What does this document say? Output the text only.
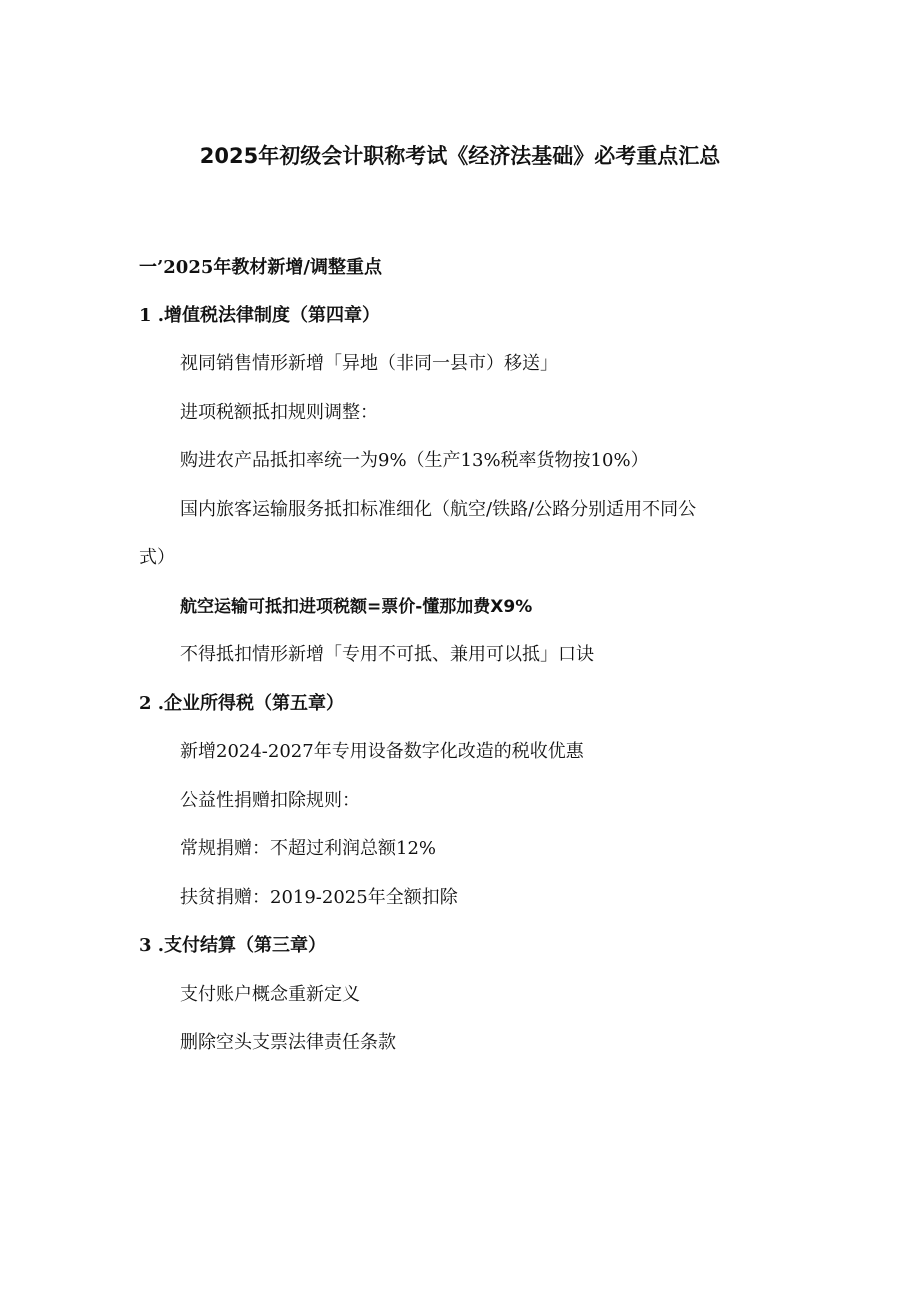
2025年初级会计职称考试《经济法基础》必考重点汇总
一’2025年教材新增/调整重点
1 .增值税法律制度（第四章）
视同销售情形新增「异地（非同一县市）移送」
进项税额抵扣规则调整：
购进农产品抵扣率统一为9%（生产13%税率货物按10%）
国内旅客运输服务抵扣标准细化（航空/铁路/公路分别适用不同公
式）
航空运输可抵扣进项税额=票价-懂那加费X9%
不得抵扣情形新增「专用不可抵、兼用可以抵」口诀
2 .企业所得税（第五章）
新增2024-2027年专用设备数字化改造的税收优惠
公益性捐赠扣除规则：
常规捐赠：不超过利润总额12%
扶贫捐赠：2019-2025年全额扣除
3 .支付结算（第三章）
支付账户概念重新定义
删除空头支票法律责任条款
